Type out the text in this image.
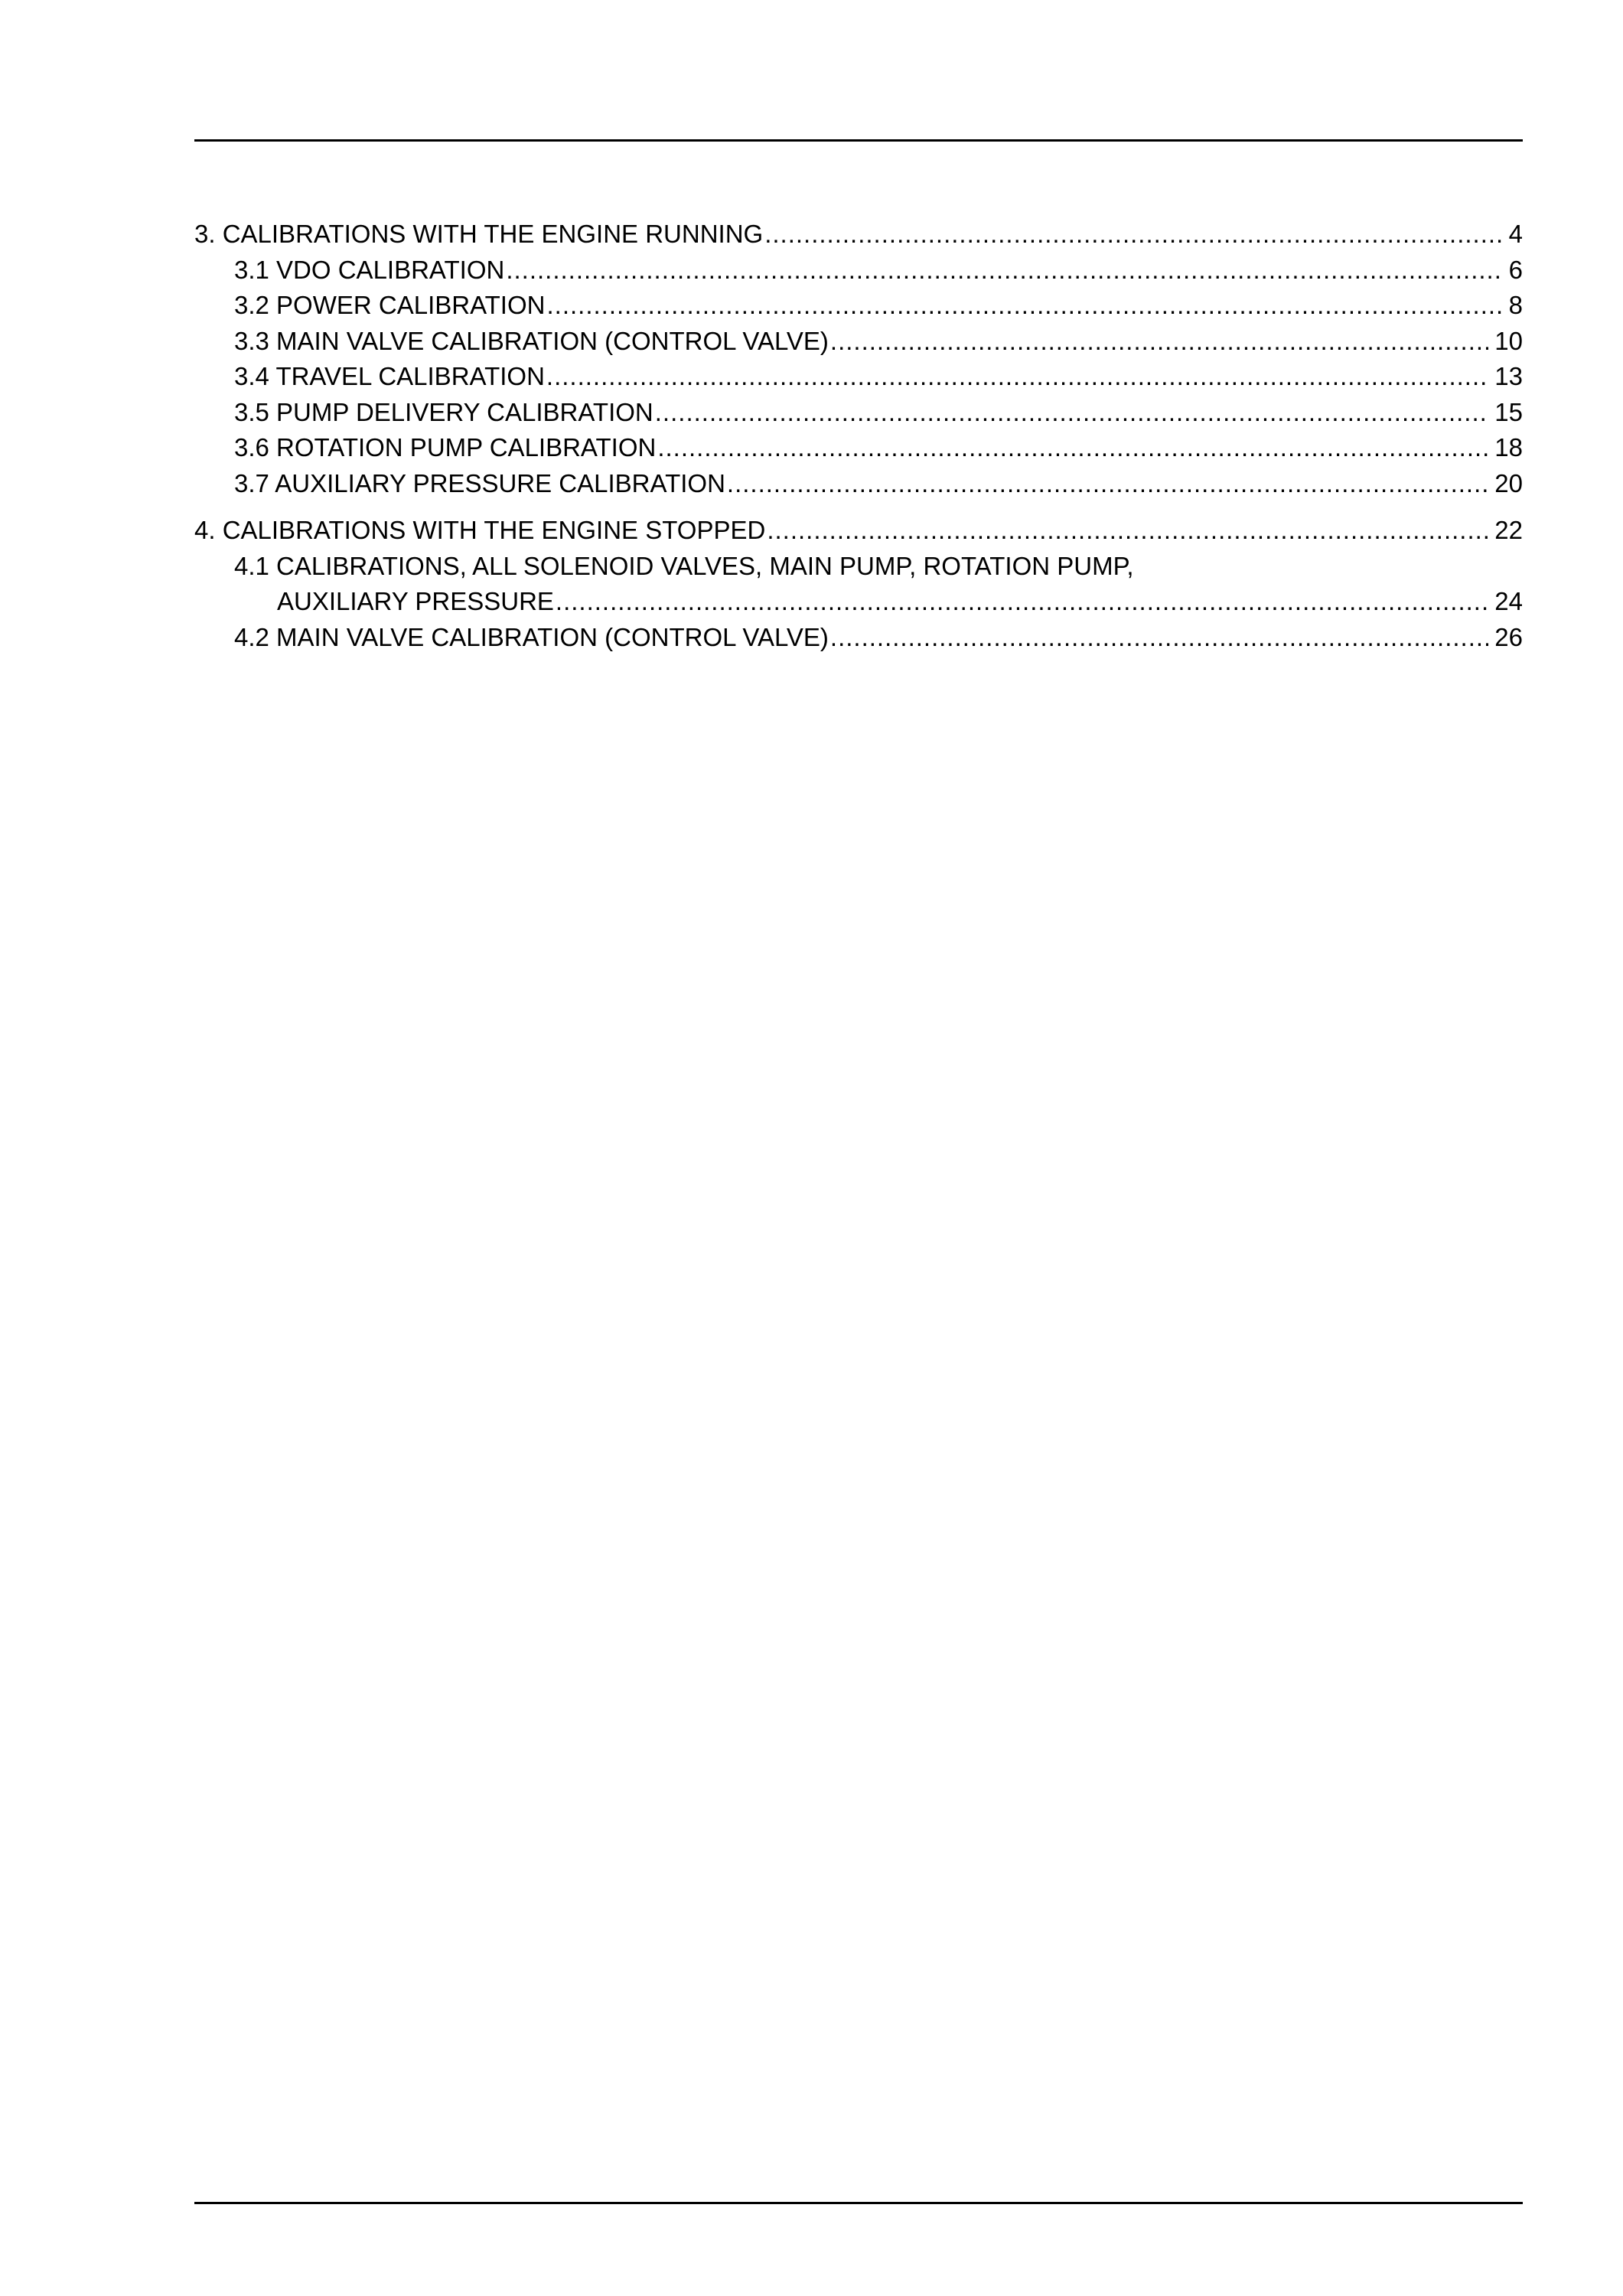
3. CALIBRATIONS WITH THE ENGINE RUNNING .....	4
3.1 VDO CALIBRATION .....	6
3.2 POWER CALIBRATION .....	8
3.3 MAIN VALVE CALIBRATION (CONTROL VALVE) .....	10
3.4 TRAVEL CALIBRATION .....	13
3.5 PUMP DELIVERY CALIBRATION .....	15
3.6 ROTATION PUMP CALIBRATION .....	18
3.7 AUXILIARY PRESSURE CALIBRATION .....	20
4. CALIBRATIONS WITH THE ENGINE STOPPED .....	22
4.1 CALIBRATIONS, ALL SOLENOID VALVES, MAIN PUMP, ROTATION PUMP,
AUXILIARY PRESSURE .....	24
4.2 MAIN VALVE CALIBRATION (CONTROL VALVE) .....	26
